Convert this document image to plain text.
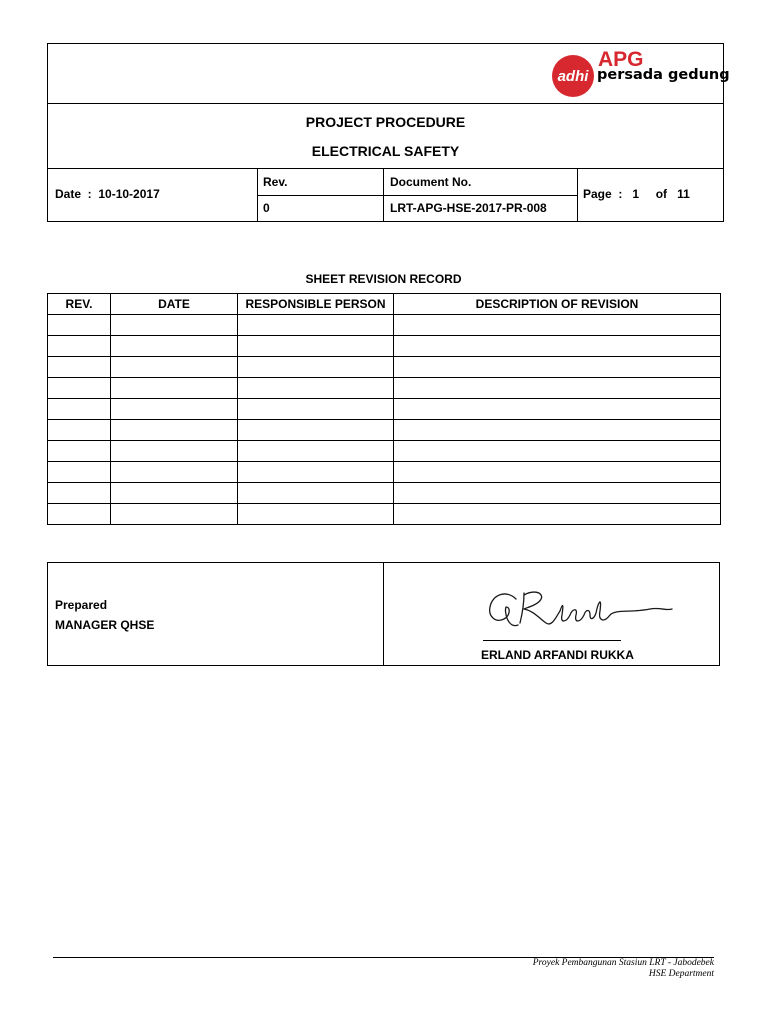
adhi
APG
persada gedung
PROJECT PROCEDURE
ELECTRICAL SAFETY
Date  :  10-10-2017
Rev.
0
Document No.
LRT-APG-HSE-2017-PR-008
Page  :   1 of 11
SHEET REVISION RECORD
REV.	DATE	RESPONSIBLE PERSON	DESCRIPTION OF REVISION

Prepared
MANAGER QHSE
ERLAND ARFANDI RUKKA
Proyek Pembangunan Stasiun LRT - Jabodebek
HSE Department
